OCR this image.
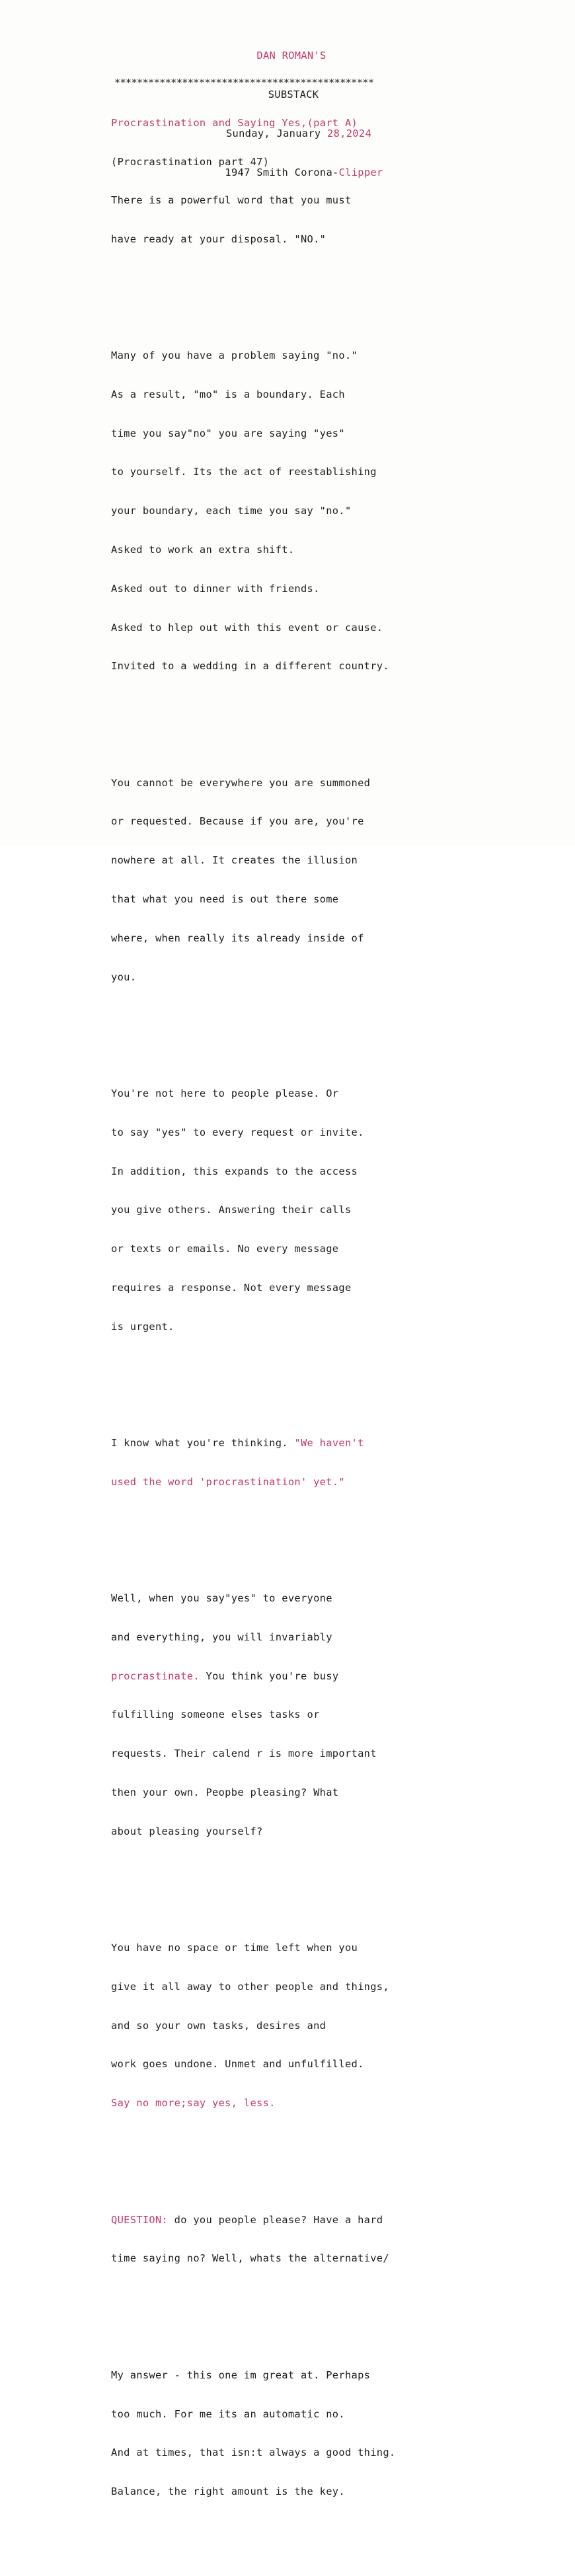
DAN ROMAN'S

SUBSTACK

Sunday, January 28,2024

1947 Smith Corona-Clipper

**********************************************

Procrastination and Saying Yes,(part A)

(Procrastination part 47)

There is a powerful word that you must

have ready at your disposal. "NO."

Many of you have a problem saying "no."

As a result, "mo" is a boundary. Each

time you say"no" you are saying "yes"

to yourself. Its the act of reestablishing

your boundary, each time you say "no."

Asked to work an extra shift.

Asked out to dinner with friends.

Asked to hlep out with this event or cause.

Invited to a wedding in a different country.

You cannot be everywhere you are summoned

or requested. Because if you are, you're

nowhere at all. It creates the illusion

that what you need is out there some

where, when really its already inside of

you.

You're not here to people please. Or

to say "yes" to every request or invite.

In addition, this expands to the access

you give others. Answering their calls

or texts or emails. No every message

requires a response. Not every message

is urgent.

I know what you're thinking. "We haven't

used the word 'procrastination' yet."

Well, when you say"yes" to everyone

and everything, you will invariably

procrastinate. You think you're busy

fulfilling someone elses tasks or

requests. Their calend r is more important

then your own. Peopbe pleasing? What

about pleasing yourself?

You have no space or time left when you

give it all away to other people and things,

and so your own tasks, desires and

work goes undone. Unmet and unfulfilled.

Say no more;say yes, less.

QUESTION: do you people please? Have a hard

time saying no? Well, whats the alternative/

My answer - this one im great at. Perhaps

too much. For me its an automatic no.

And at times, that isn:t always a good thing.

Balance, the right amount is the key.
